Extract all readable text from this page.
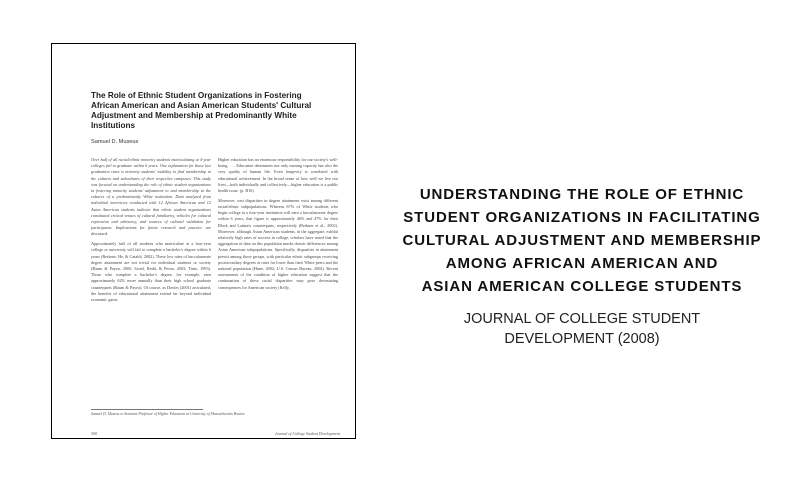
The Role of Ethnic Student Organizations in Fostering African American and Asian American Students' Cultural Adjustment and Membership at Predominantly White Institutions
Samuel D. Museus

Over half of all racial/ethnic minority students matriculating at 4-year colleges fail to graduate within 6 years. One explanation for those low graduation rates is minority students' inability to find membership in the cultures and subcultures of their respective campuses. This study was focused on understanding the role of ethnic student organizations in fostering minority students' adjustment to and membership in the cultures of a predominantly White institution. Data analyzed from individual interviews conducted with 12 African American and 12 Asian American students indicate that ethnic student organizations constituted critical venues of cultural familiarity, vehicles for cultural expression and advocacy, and sources of cultural validation for participants. Implications for future research and practice are discussed.

Approximately half of all students who matriculate at a four-year college or university will fail to complete a bachelor's degree within 6 years (Berkner, He, & Cataldi, 2002). These low rates of baccalaureate degree attainment are not trivial for individual students or society (Baum & Payea, 2005; Swail, Redd, & Perna, 2003; Tinto, 1993). Those who complete a bachelor's degree, for example, earn approximately 62% more annually than their high school graduate counterparts (Baum & Payea). Of course, as Davies (2001) articulated, the benefits of educational attainment extend far beyond individual economic gains:

Higher education has an enormous responsibility for our society's well-being. . . . Education determines not only earning capacity but also the very quality of human life. Even longevity is correlated with educational achievement. In the broad sense of how well we live our lives—both individually and collectively—higher education is a public health issue. (p. B16)

Moreover, vast disparities in degree attainment exist among different racial/ethnic subpopulations. Whereas 67% of White students who begin college at a four-year institution will earn a baccalaureate degree within 6 years, that figure is approximately 46% and 47% for their Black and Latina/o counterparts, respectively (Berkner et al., 2002). Moreover, although Asian American students, in the aggregate, exhibit relatively high rates of success in college, scholars have noted that the aggregation of data on this population masks drastic differences among Asian American subpopulations. Specifically, disparities in attainment persist among those groups, with particular ethnic subgroups receiving postsecondary degrees at rates far lower than their White peers and the national population (Hune, 2002; U.S. Census Bureau, 2004). Recent assessments of the condition of higher education suggest that the continuation of these racial disparities may pose devastating consequences for American society (Kelly,

Samuel D. Museus is Assistant Professor of Higher Education at University of Massachusetts Boston.
568	Journal of College Student Development
UNDERSTANDING THE ROLE OF ETHNIC
STUDENT ORGANIZATIONS IN FACILITATING
CULTURAL ADJUSTMENT AND MEMBERSHIP
AMONG AFRICAN AMERICAN AND
ASIAN AMERICAN COLLEGE STUDENTS
JOURNAL OF COLLEGE STUDENT
DEVELOPMENT (2008)
